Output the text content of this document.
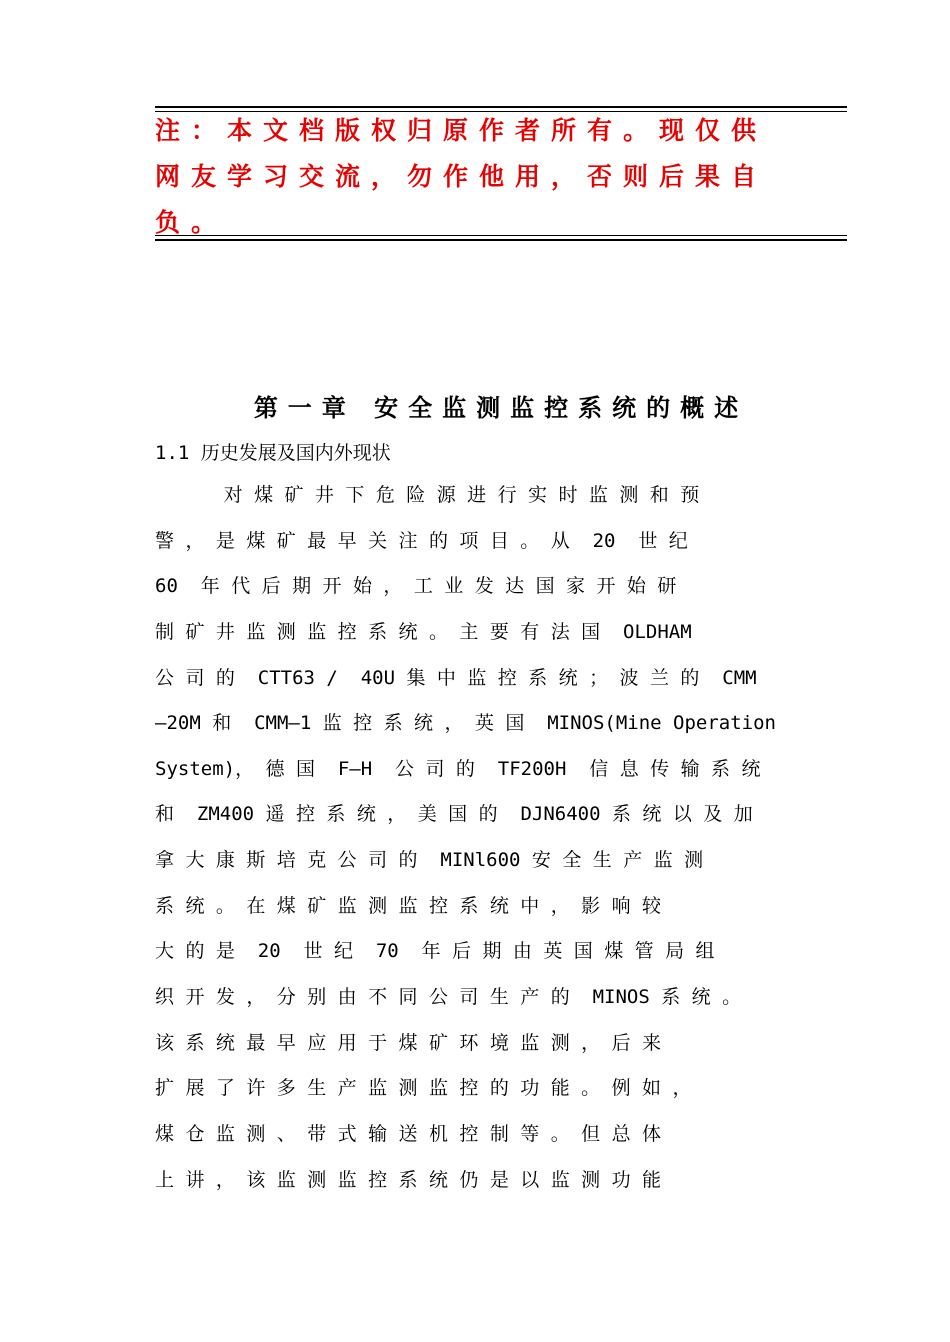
注：本文档版权归原作者所有。现仅供
网友学习交流，勿作他用，否则后果自
负。
第一章 安全监测监控系统的概述
1.1 历史发展及国内外现状
对 煤 矿 井 下 危 险 源 进 行 实 时 监 测 和 预
警 ， 是 煤 矿 最 早 关 注 的 项 目 。 从  20  世 纪
60  年 代 后 期 开 始 ， 工 业 发 达 国 家 开 始 研
制 矿 井 监 测 监 控 系 统 。 主 要 有 法 国  OLDHAM
公 司 的  CTT63 /  40U 集 中 监 控 系 统 ； 波 兰 的  CMM
—20M 和  CMM—1 监 控 系 统 ， 英 国  MINOS(Mine Operation
System)， 德 国  F—H  公 司 的  TF200H  信 息 传 输 系 统
和  ZM400 遥 控 系 统 ， 美 国 的  DJN6400 系 统 以 及 加
拿 大 康 斯 培 克 公 司 的  MINl600 安 全 生 产 监 测
系 统 。 在 煤 矿 监 测 监 控 系 统 中 ， 影 响 较
大 的 是  20  世 纪  70  年 后 期 由 英 国 煤 管 局 组
织 开 发 ， 分 别 由 不 同 公 司 生 产 的  MINOS 系 统 。
该 系 统 最 早 应 用 于 煤 矿 环 境 监 测 ， 后 来
扩 展 了 许 多 生 产 监 测 监 控 的 功 能 。 例 如 ，
煤 仓 监 测 、 带 式 输 送 机 控 制 等 。 但 总 体
上 讲 ， 该 监 测 监 控 系 统 仍 是 以 监 测 功 能
